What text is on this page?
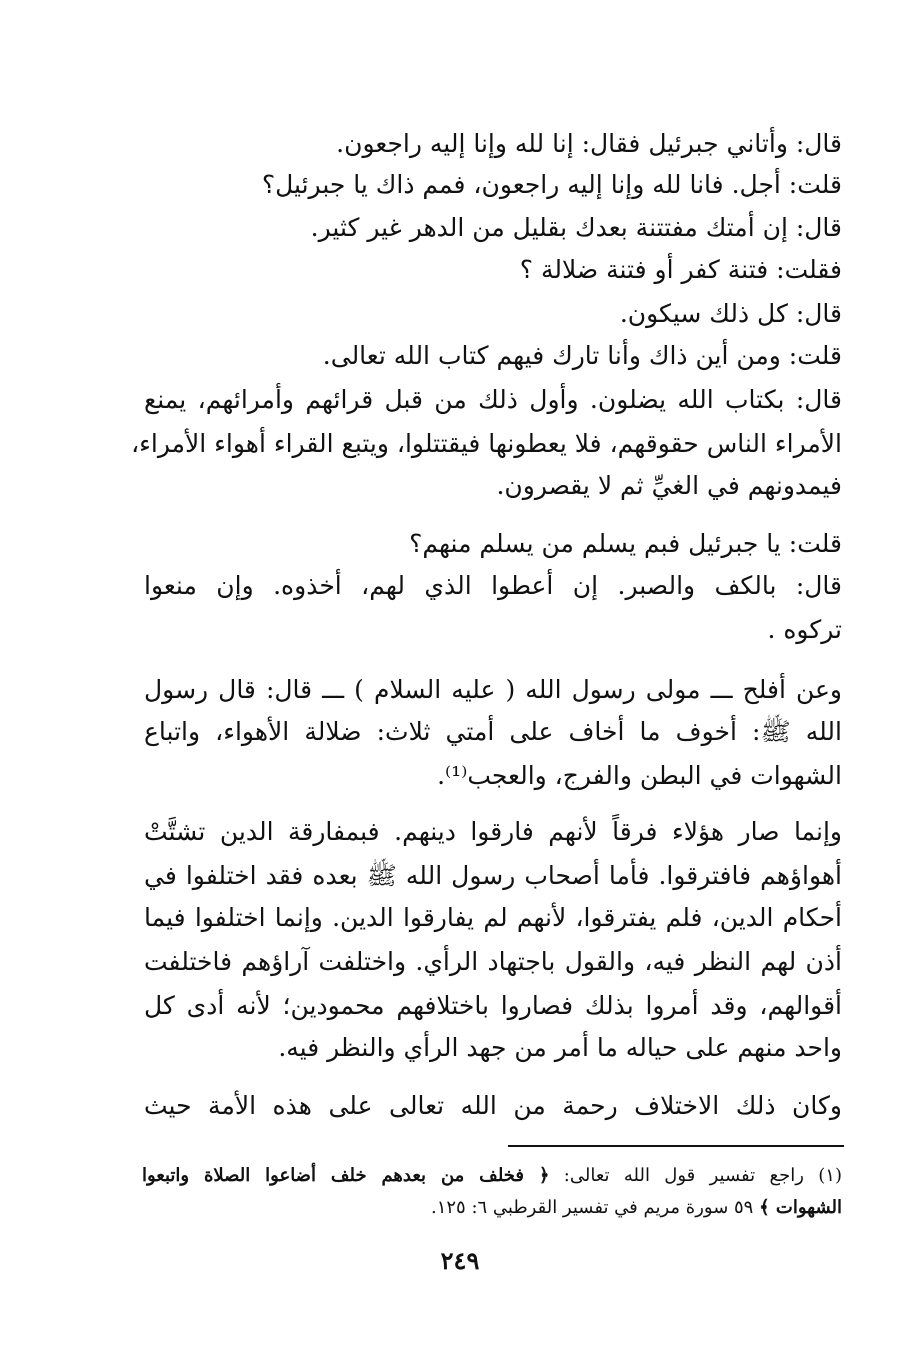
قال: وأتاني جبرئيل فقال: إنا لله وإنا إليه راجعون.
قلت: أجل. فانا لله وإنا إليه راجعون، فمم ذاك يا جبرئيل؟
قال: إن أمتك مفتتنة بعدك بقليل من الدهر غير كثير.
فقلت: فتنة كفر أو فتنة ضلالة ؟
قال: كل ذلك سيكون.
قلت: ومن أين ذاك وأنا تارك فيهم كتاب الله تعالى.
قال: بكتاب الله يضلون. وأول ذلك من قبل قرائهم وأمرائهم، يمنع
الأمراء الناس حقوقهم، فلا يعطونها فيقتتلوا، ويتبع القراء أهواء الأمراء،
فيمدونهم في الغيِّ ثم لا يقصرون.
قلت: يا جبرئيل فبم يسلم من يسلم منهم؟
قال: بالكف والصبر. إن أعطوا الذي لهم، أخذوه. وإن منعوا
تركوه .
وعن أفلح ـــ مولى رسول الله ( عليه السلام ) ـــ قال: قال رسول
الله ﷺ: أخوف ما أخاف على أمتي ثلاث: ضلالة الأهواء، واتباع
الشهوات في البطن والفرج، والعجب⁽¹⁾.
وإنما صار هؤلاء فرقاً لأنهم فارقوا دينهم. فبمفارقة الدين تشتَّتْ
أهواؤهم فافترقوا. فأما أصحاب رسول الله ﷺ بعده فقد اختلفوا في
أحكام الدين، فلم يفترقوا، لأنهم لم يفارقوا الدين. وإنما اختلفوا فيما
أذن لهم النظر فيه، والقول باجتهاد الرأي. واختلفت آراؤهم فاختلفت
أقوالهم، وقد أمروا بذلك فصاروا باختلافهم محمودين؛ لأنه أدى كل
واحد منهم على حياله ما أمر من جهد الرأي والنظر فيه.
وكان ذلك الاختلاف رحمة من الله تعالى على هذه الأمة حيث
(١) راجع تفسير قول الله تعالى: ﴿ فخلف من بعدهم خلف أضاعوا الصلاة واتبعوا
الشهوات ﴾ ٥٩ سورة مريم في تفسير القرطبي ٦: ١٢٥.
٢٤٩
